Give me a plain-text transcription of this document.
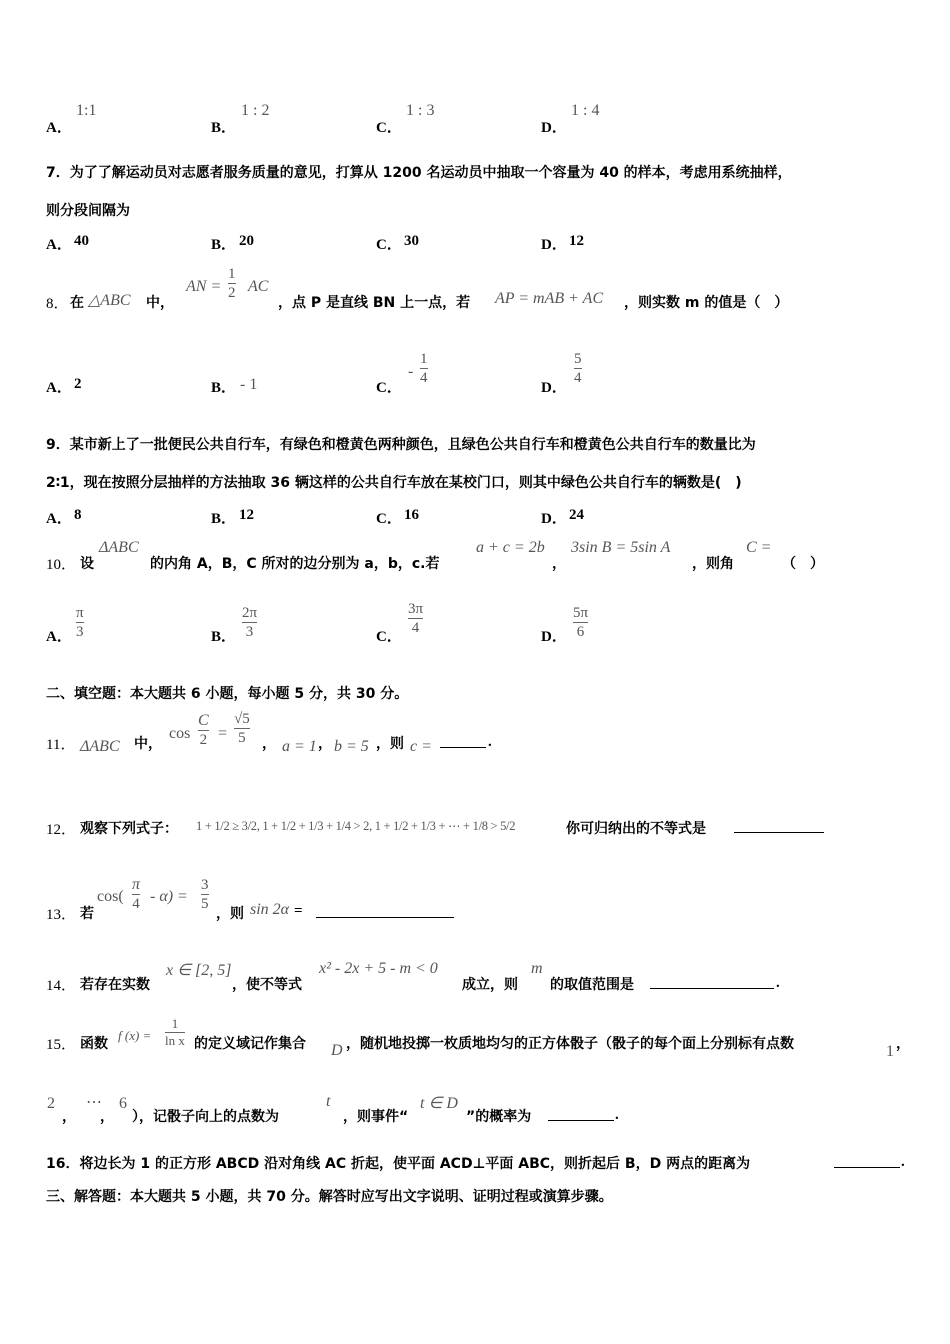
A．
1:1
B．
1 : 2
C．
1 : 3
D．
1 : 4
7．为了了解运动员对志愿者服务质量的意见，打算从 1200 名运动员中抽取一个容量为 40 的样本，考虑用系统抽样，
则分段间隔为
A． 40	B． 20	C． 30	D． 12
8． 在 △ABC 中，
AN =
1
2 AC
，点 P 是直线 BN 上一点，若 AP = mAB + AC ，则实数 m 的值是（　）
A． 2	B． - 1	C．
-
1
4
D．
5
4
9．某市新上了一批便民公共自行车，有绿色和橙黄色两种颜色，且绿色公共自行车和橙黄色公共自行车的数量比为
2∶1，现在按照分层抽样的方法抽取 36 辆这样的公共自行车放在某校门口，则其中绿色公共自行车的辆数是(　)
A． 8	B． 12	C． 16	D． 24
10． 设
ΔABC
的内角 A，B，C 所对的边分别为 a，b，c.若
a + c = 2b
，
3sin B = 5sin A
，则角
C =
（　）
A．
π
3	B．
2π
3	C．
3π
4
D．
5π
6
二、填空题：本大题共 6 小题，每小题 5 分，共 30 分。
11． ΔABC 中，
cos
C
2 =
√5
5 ， a = 1 ， b = 5 ，则 c =	.
12． 观察下列式子： 1 + 1/2 ≥ 3/2, 1 + 1/2 + 1/3 + 1/4 > 2, 1 + 1/2 + 1/3 + ⋯ + 1/8 > 5/2	你可归纳出的不等式是
13． 若
cos(
π
4 - α) =
3
5
，则 sin 2α =
14． 若存在实数
x ∈ [2, 5]
，使不等式
x² - 2x + 5 - m < 0
成立，则
m
的取值范围是	.
15． 函数
f (x) =
1
ln x 的定义域记作集合 D ，随机地投掷一枚质地均匀的正方体骰子（骰子的每个面上分别标有点数	1 ，
2
，
⋯
，
6
），记骰子向上的点数为
t
，则事件“
t ∈ D
”的概率为	.
16．将边长为 1 的正方形 ABCD 沿对角线 AC 折起，使平面 ACD⊥平面 ABC，则折起后 B，D 两点的距离为	.
三、解答题：本大题共 5 小题，共 70 分。解答时应写出文字说明、证明过程或演算步骤。
